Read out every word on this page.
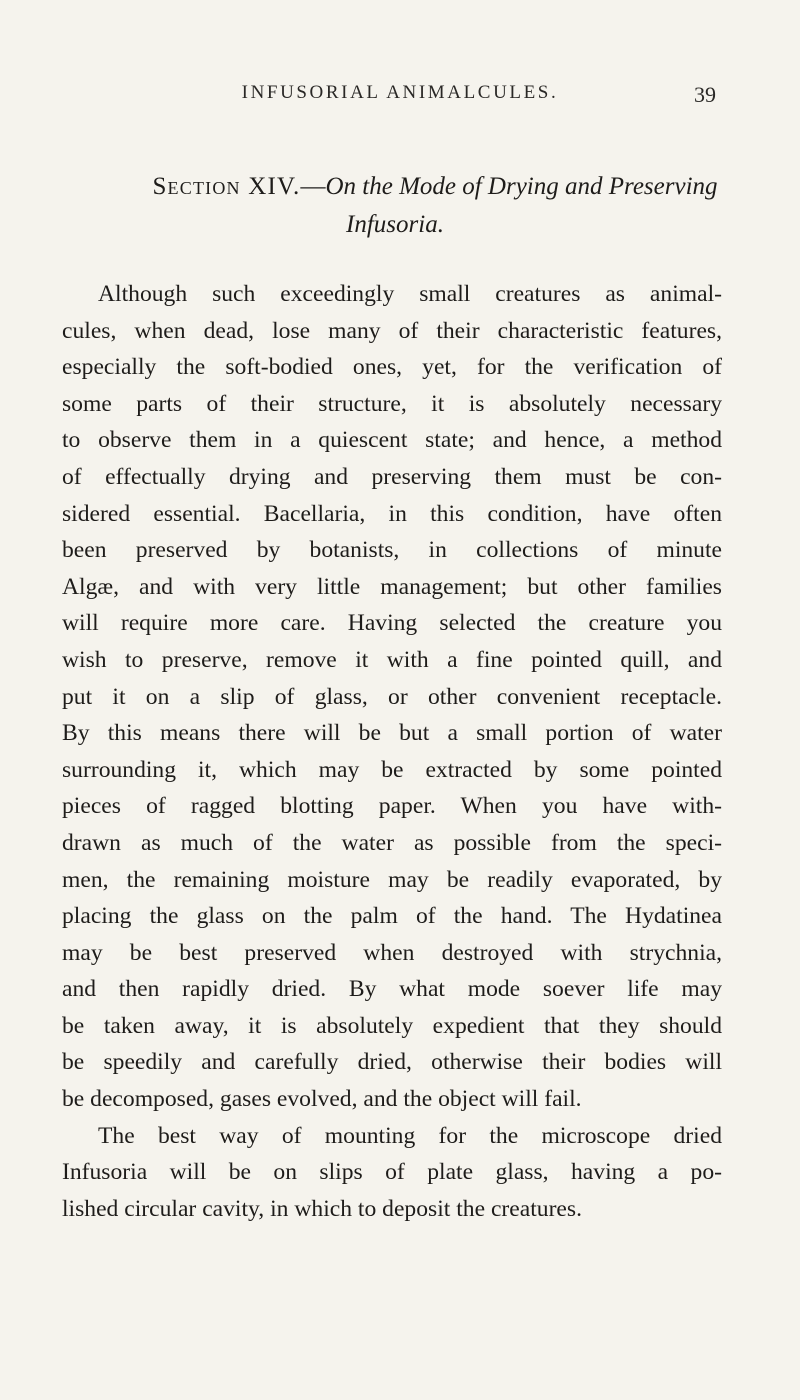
INFUSORIAL ANIMALCULES.	39
Section XIV.—On the Mode of Drying and Preserving
Infusoria.
Although such exceedingly small creatures as animal-
cules, when dead, lose many of their characteristic features,
especially the soft-bodied ones, yet, for the verification of
some parts of their structure, it is absolutely necessary
to observe them in a quiescent state; and hence, a method
of effectually drying and preserving them must be con-
sidered essential. Bacellaria, in this condition, have often
been preserved by botanists, in collections of minute
Algæ, and with very little management; but other families
will require more care. Having selected the creature you
wish to preserve, remove it with a fine pointed quill, and
put it on a slip of glass, or other convenient receptacle.
By this means there will be but a small portion of water
surrounding it, which may be extracted by some pointed
pieces of ragged blotting paper. When you have with-
drawn as much of the water as possible from the speci-
men, the remaining moisture may be readily evaporated, by
placing the glass on the palm of the hand. The Hydatinea
may be best preserved when destroyed with strychnia,
and then rapidly dried. By what mode soever life may
be taken away, it is absolutely expedient that they should
be speedily and carefully dried, otherwise their bodies will
be decomposed, gases evolved, and the object will fail.
The best way of mounting for the microscope dried
Infusoria will be on slips of plate glass, having a po-
lished circular cavity, in which to deposit the creatures.
